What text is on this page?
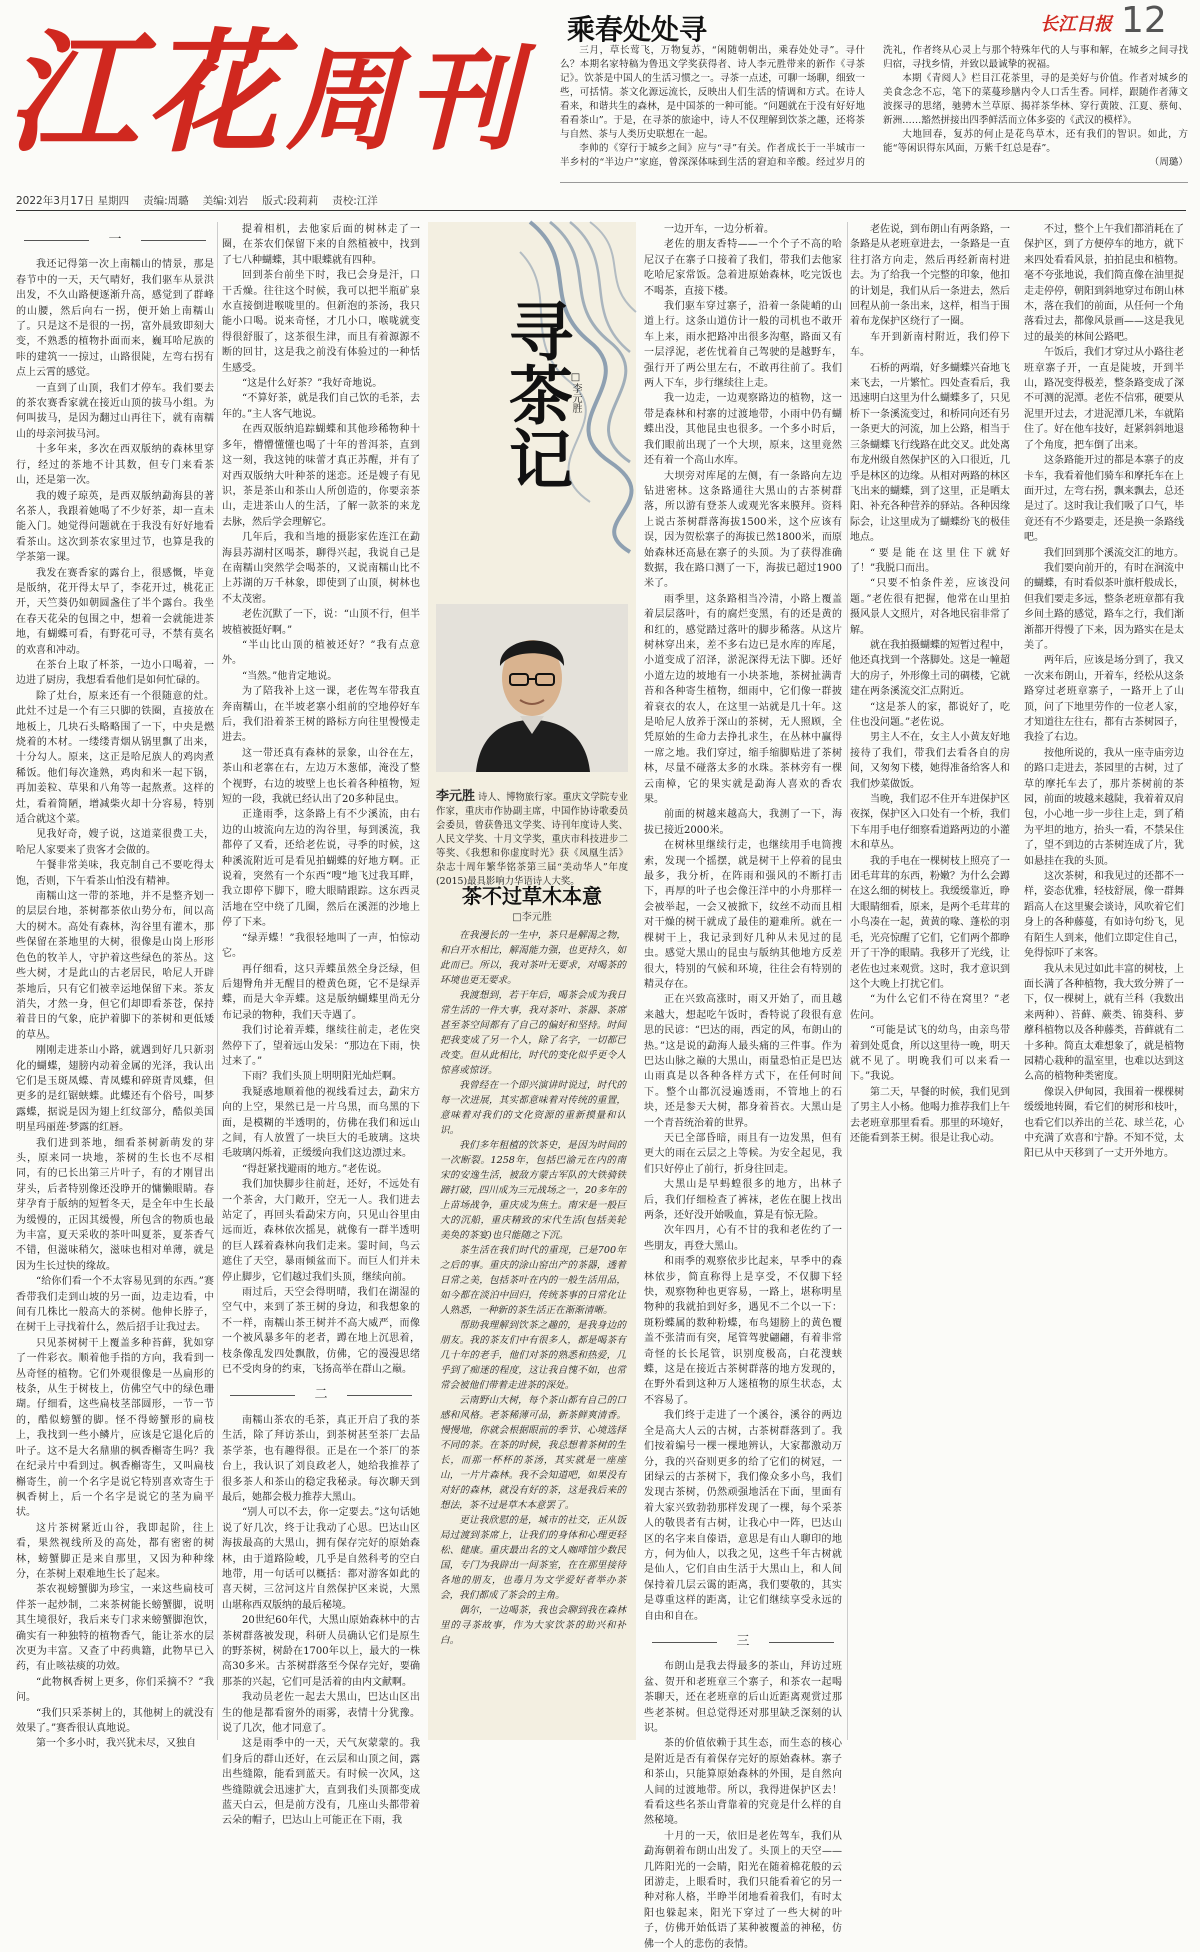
江花周刊
乘春处处寻	长江日报 12

三月，草长莺飞，万物复苏，“闲随朝朝出，乘春处处寻”。寻什么？本期名家特稿为鲁迅文学奖获得者、诗人李元胜带来的新作《寻茶记》。饮茶是中国人的生活习惯之一。寻茶一点述，可聊一场聊，细致一些，可括情。茶文化源远流长，反映出人们生活的情调和方式。在诗人看来，和谐共生的森林，是中国茶的一种可能。“问题就在于没有好好地看看茶山”。于是，在寻茶的旅途中，诗人不仅理解到饮茶之趣，还将茶与自然、茶与人类历史联想在一起。

李帅的《穿行于城乡之间》应与“寻”有关。作者成长于一半城市一半乡村的“半边户”家庭，曾深深体味到生活的窘迫和辛酸。经过岁月的洗礼，作者终从心灵上与那个特殊年代的人与事和解，在城乡之间寻找归宿，寻找乡情，并致以最诚挚的祝福。

本期《青阅人》栏目江花茶里，寻的是美好与价值。作者对城乡的美食念念不忘，笔下的菜蔓珍膳内令人口舌生香。同样，跟随作者薄文波探寻的思绪，驰骋木兰草原、揭祥茶华林、穿行黄陂、江夏、蔡甸、新洲……豁然拼接出四季鲜活而立体多姿的《武汉的模样》。

大地回春，复苏的何止是花鸟草木，还有我们的智识。如此，方能“等闲识得东风面，万紫千红总是春”。

（周璐）

2022年3月17日 星期四 责编:周璐 美编:刘岩 版式:段莉莉 责校:江洋

一

我还记得第一次上南糯山的情景，那是春节中的一天，天气晴好，我们驱车从景洪出发，不久山路便逐渐升高，感觉到了群峰的山腰，然后向右一拐，便开始上南糯山了。只是这不是很的一拐，富外晨致即刻大变，不熟悉的植物扑面而来，巍耳哈尼族的咔的建筑一一掠过，山路很陡，左弯右拐有点上云霄的感觉。

一直到了山顶，我们才停车。我们要去的茶农赛香家就在接近山顶的拔马小组。为何叫拔马，是因为翻过山再往下，就有南糯山的母亲河拔马河。

十多年来，多次在西双版纳的森林里穿行，经过的茶地不计其数，但专门来看茶山，还是第一次。

我的嫂子琼英，是西双版纳勐海县的著名茶人，我跟着她喝了不少好茶，却一直未能入门。她觉得问题就在于我没有好好地看看茶山。这次到茶农家里过节，也算是我的学茶第一课。

我发在赛香家的露台上，很感慨，毕竟是版纳，花开得太早了，李花开过，桃花正开，天竺葵仍如朝圆盏住了半个露台。我坐在春天花朵的包围之中，想着一会就能进茶地，有蝴蝶可看，有野花可寻，不禁有莫名的欢喜和冲动。

在茶台上取了杯茶，一边小口喝着，一边进了厨房，我想看看他们是如何忙碌的。

除了灶台，原来还有一个很随意的灶。此灶不过是一个有三只脚的铁圈，直接放在地板上，几块石头略略围了一下，中央是燃烧着的木材。一缕缕青烟从锅里飘了出来，十分勾人。原来，这正是哈尼族人的鸡肉煮稀饭。他们每次逢熟，鸡肉和米一起下锅，再加姜粒、草果和八角等一起熬煮。这样的灶，看着简陋，增减柴火却十分容易，特别适合就这个菜。

见我好奇，嫂子说，这道菜很费工夫，哈尼人家要来了贵客才会做的。

午餐非常美味，我克制自己不要吃得太饱，否则，下午看茶山怕没有精神。

南糯山这一带的茶地，并不是整齐划一的层层台地，茶树都茶依山势分布，间以高大的树木。高处有森林，沟谷里有灌木，那些保留在茶地里的大树，很像是山岗上形形色色的牧羊人，守护着这些绿色的茶丛。这些大树，才是此山的古老居民，哈尼人开辟茶地后，只有它们被幸运地保留下来。茶友消失，才然一身，但它们却即看茶苍，保持着昔日的气象，庇护着脚下的茶树和更低矮的草丛。

刚刚走进茶山小路，就遇到好几只新羽化的蝴蝶，翅膀内动着金属的光泽，我认出它们是玉斑凤蝶、青凤蝶和碎斑青凤蝶，但更多的是红锯蛱蝶。此蝶还有个俗号，叫梦露蝶，据说是因为翅上红纹部分，酷似美国明星玛丽莲·梦露的红唇。

我们进到茶地，细看茶树新萌发的芽头，原来同一块地，茶树的生长也不尽相同，有的已长出第三片叶子，有的才刚冒出芽头，后者特别像还没睁开的慵懒眼睛。春芽孕育于版纳的短暂冬天，是全年中生长最为缓慢的，正因其缓慢，所包含的物质也最为丰富，夏天采收的茶叶叫夏茶，夏茶香气不错，但滋味稍欠，滋味也相对单薄，就是因为生长过快的缘故。

“给你们看一个不太容易见到的东西。”赛香带我们走到山坡的另一面，边走边看，中间有几株比一般高大的茶树。他伸长脖子，在树干上寻找着什么，然后招手让我过去。

只见茶树树干上覆盖多种苔藓，犹如穿了一件彩衣。顺着他手指的方向，我看到一丛奇怪的植物。它们外观很像是一丛扁形的枝条，从生于树枝上，仿佛空气中的绿色珊瑚。仔细看，这些扁枝茎部圆形，一节一节的，酷似螃蟹的脚。怪不得螃蟹形的扁枝上，我找到一些小鳞片，应该是它退化后的叶子。这不是大名鼎鼎的枫香槲寄生吗？我在纪录片中看到过。枫香槲寄生，又叫扁枝槲寄生，前一个名字是说它特别喜欢寄生于枫香树上，后一个名字是说它的茎为扁平状。

这片茶树紧近山谷，我即起阶，往上看，果然视线所及的高处，都有密密的树林，螃蟹脚正是来自那里，又因为种种缘分，在茶树上艰难地生长了起来。

茶农视螃蟹脚为珍宝，一来这些扁枝可伴茶一起炒制，二来茶树能长螃蟹脚，说明其生境很好，我后来专门求来螃蟹脚泡饮，确实有一种独特的植物香气，能让茶水的层次更为丰富。又查了中药典籍，此物早已入药，有止咳祛痰的功效。

“此物枫香树上更多，你们采摘不？”我问。

“我们只采茶树上的，其他树上的就没有效果了。”赛香很认真地说。

第一个多小时，我兴犹未尽，又独自

提着相机，去他家后面的树林走了一圈，在茶农们保留下来的自然植被中，找到了七八种蝴蝶，其中眼蝶就有四种。

回到茶台前坐下时，我已会身是汗，口干舌燥。往往这个时候，我可以把半瓶矿泉水直接倒进喉咙里的。但新泡的茶汤，我只能小口喝。说来奇怪，才几小口，喉咙就变得很舒服了，这茶很生津，而且有着源源不断的回甘，这是我之前没有体验过的一种恬生感受。

“这是什么好茶？”我好奇地说。

“不算好茶，就是我们自己饮的毛茶，去年的。”主人客气地说。

在西双版纳追踪蝴蝶和其他珍稀物种十多年，懵懵懂懂也喝了十年的普洱茶，直到这一刻，我这钝的味蕾才真正苏醒，并有了对西双版纳大叶种茶的迷恋。还是嫂子有见识，茶是茶山和茶山人所创造的，你要亲茶山，走进茶山人的生活，了解一款茶的来龙去脉，然后学会理解它。

几年后，我和当地的摄影家佐连江在勐海县苏湖村区喝茶，聊得兴起，我说自己是在南糯山突然学会喝茶的，又说南糯山比不上苏湖的万千林象，即使到了山顶，树林也不太茂密。

老佐沉默了一下，说：“山顶不行，但半坡植被挺好啊。”

“半山比山顶的植被还好？”我有点意外。

“当然。”他肯定地说。

为了陪我补上这一课，老佐驾车带我直奔南糯山，在半坡老寨小组前的空地停好车后，我们沿着茶王树的路标方向往里慢慢走进去。

这一带还真有森林的景象，山谷在左，茶山和老寨在右，左边万木葱郁，淹没了整个视野，右边的坡壁上也长着各种植物，短短的一段，我就已经认出了20多种昆虫。

正逢雨季，这条路上有不少溪流，由右边的山坡流向左边的沟谷里，每到溪流，我都停了又看，还给老佐说，寻季的时候，这种溪流附近可是看见拍蝴蝶的好地方啊。正说着，突然有一个东西“嗖”地飞过我耳畔，我立即停下脚下，瞪大眼睛跟踪。这东西灵活地在空中绕了几圈，然后在溪涯的沙地上停了下来。

“绿弄蝶！”我很轻地叫了一声，怕惊动它。

再仔细看，这只弄蝶虽然全身泛绿，但后翅臀角并无醒目的橙黄色斑，它不是绿弄蝶，而是大伞弄蝶。这是版纳蝴蝶里尚无分布记录的物种，我们天寺遇了。

我们讨论着弄蝶，继续往前走，老佐突然停下了，望着远山发呆：“那边在下雨，快过来了。”

下雨？我们头顶上明明阳光灿烂啊。

我疑惑地顺着他的视线看过去，勐宋方向的上空，果然已是一片乌黑，而乌黑的下面，是模糊的半透明的，仿佛在我们和远山之间，有人放置了一块巨大的毛玻璃。这块毛玻璃闪烁着，正缓缓向我们这边漂过来。

“得赶紧找避雨的地方。”老佐说。

我们加快脚步往前赶，还好，不远处有一个茶舍，大门敞开，空无一人。我们进去站定了，再回头看勐宋方向，只见山谷里由远而近，森林依次摇晃，就像有一群半透明的巨人踩着森林向我们走来。霎时间，鸟云遮住了天空，暴雨倾盆而下。而巨人们并未停止脚步，它们越过我们头顶，继续向前。

雨过后，天空会得明晴，我们在湖湿的空气中，来到了茶王树的身边，和我想象的不一样，南糯山茶王树并不高大威严，而像一个被风暴多年的老者，蹲在地上沉思着，枝条像乱发四处飘散，仿佛，它的漫漫思绪已不受肉身的约束，飞扬高举在群山之巅。

二

南糯山茶农的毛茶，真正开启了我的茶生活，除了拜访茶山，到茶树甚至茶厂去品茶学茶，也有趣得很。正是在一个茶厂的茶台上，我认识了刘良政老人，她给我推荐了很多茶人和茶山的稳定我秘录。每次聊天到最后，她都会极力推荐大黑山。

“别人可以不去，你一定要去。”这句话她说了好几次，终于让我动了心思。巴达山区海拔最高的大黑山，拥有保存完好的原始森林，由于道路险峻，几乎是自然科考的空白地带，用一句话可以概括：都对游客如此的喜天树，三岔河这片自然保护区来说，大黑山堪称西双版纳的最后秘境。

20世纪60年代，大黑山原始森林中的古茶树群落被发现，科研人员确认它们是原生的野茶树，树龄在1700年以上，最大的一株高30多米。古茶树群落至今保存完好，要确那茶的兴起，它们可是活着的由内文献啊。

我动员老佐一起去大黑山，巴达山区出生的他是都看窗外的雨雾，表情十分犹豫。说了几次，他才同意了。

这是雨季中的一天，天气灰蒙蒙的。我们身后的群山还好，在云层和山顶之间，露出些缝隙，能看到蓝天。有时候一次风，这些缝隙就会迅速扩大，直到我们头顶都变成蓝天白云，但是前方没有，几座山头都带着云朵的帽子，巴达山上可能正在下雨，我

寻茶记
□李元胜
李元胜 诗人、博物旅行家。重庆文学院专业作家，重庆市作协副主席，中国作协诗歌委员会委员，曾获鲁迅文学奖、诗刊年度诗人奖、人民文学奖、十月文学奖，重庆市科技进步二等奖、《我想和你虚度时光》获《凤凰生活》杂志十周年繁华铭茶第三届“美动华人”年度(2015)最具影响力华语诗人大奖。
茶不过草木本意
□李元胜

在我漫长的一生中，茶只是解渴之物，和白开水相比，解渴能力强，也更持久，如此而已。所以，我对茶叶无要求，对喝茶的环境也更无要求。

我渡想到，若干年后，喝茶会成为我日常生活的一件大事，我对茶叶、茶器、茶席甚至茶空间都有了自己的偏好和坚持。时间把我变成了另一个人，除了名字，一切都已改变。但从此相比，时代的变化似乎更令人惊喜或惊讶。

我曾经在一个即兴演讲时说过，时代的每一次进展，其实都意味着对传统的重置，意味着对我们的文化资源的重新摸量和认识。

我们多年租植的饮茶史，是因为时间的一次断裂。1258年，包括巴渝元在内的南宋的安逸生活，被敌方蒙古军队的大铁骑铁蹄打破，四川成为三元战场之一，20多年的上苗场战争，重庆成为焦土。南宋是一般巨大的沉船，重庆精致的宋代生活(包括美轮美奂的茶宴)也只能随之下沉。

茶生活在我们时代的重现，已是700年之后的事。重庆的涂山窑出产的茶器，透着日常之美，包括茶叶在内的一般生活用品，如今都在淡泊中回归，传统茶事的日常化让人熟悉，一种新的茶生活正在渐渐清晰。

帮助我理解到饮茶之趣的，是我身边的朋友。我的茶友们中有很多人，都是喝茶有几十年的老手，他们对茶的熟悉和热爱，几乎到了痴迷的程度，这让我自愧不如，也常常会被他们带着走进茶的深处。

云南野山大树，每个茶山都有自己的口感和风格。老茶稀薄可品，新茶鲜爽清香。慢慢地，你就会根据眼前的季节、心境选择不同的茶。在茶的时候，我总想着茶树的生长，而那一杯杯的茶汤，其实就是一座座山，一片片森林。我不会知道吧，如果没有对好的森林，就没有好的茶，这是我后来的想法，茶不过是草木本意罢了。

更让我欣慰的是，城市的社交，正从饭局过渡到茶席上，让我们的身体和心理更轻松、健康。重庆最出名的文人咖啡馆少数民国，专门为我辟出一间茶室，在在那里接待各地的朋友，也毒月为文学爱好者举办茶会，我们都成了茶会的主角。

偶尔，一边喝茶，我也会聊到我在森林里的寻茶故事，作为大家饮茶的助兴和补白。

一边开车，一边分析着。

老佐的朋友香特——一个个子不高的哈尼汉子在寨子口接着了我们，带我们去他家吃哈尼家常饭。急着进原始森林，吃完饭也不喝茶，直接下楼。

我们驱车穿过寨子，沿着一条陡峭的山道上行。这条山道仿计一般的司机也不敢开车上来，雨水把路冲出很多沟壑，路面又有一层浮泥，老佐忧着自己驾驶的是越野车，强行开了两公里左右，不敢再往前了。我们两人下车，步行继续往上走。

我一边走，一边观察路边的植物，这一带是森林和村寨的过渡地带，小雨中仍有蝴蝶出没，其他昆虫也很多。一个多小时后，我们眼前出现了一个大坝，原来，这里竟然还有着一个高山水库。

大坝旁对库尾的左侧，有一条路向左边钻进密林。这条路通往大黑山的古茶树群落，所以游有登茶人或观光客来膜拜。资料上说古茶树群落海拔1500米，这个应该有误，因为贺松寨子的海拔已然1800米，而原始森林还高悬在寨子的头顶。为了获得准确数据，我在路口测了一下，海拔已超过1900米了。

雨季里，这条路相当冷清，小路上覆盖着层层落叶，有的腐烂变黑，有的还是黄的和红的，感觉踏过落叶的脚步稀落。从这片树林穿出来，差不多右边已是水库的库尾，小道变成了沼泽，淤泥深得无法下脚。还好小道左边的坡地有一小块茶地，茶树扯满青苔和各种寄生植物，细雨中，它们像一群披着衰衣的农人，在这里一站就是几十年。这是哈尼人放养于深山的茶树，无人照顾，全凭原始的生命力去挣扎求生，在丛林中赢得一席之地。我们穿过，缩手缩脚贴进了茶树林，尽量不碰落太多的水珠。茶林旁有一棵云南樟，它的果实就是勐海人喜欢的香农果。

前面的树越来越高大，我测了一下，海拔已接近2000米。

在树林里继续行走，也继续用手电筒搜索，发现一个摇摆，就是树干上停着的昆虫最多，我分析，在阵雨和强风的不断打击下，再厚的叶子也会像汪洋中的小舟那样一会被举起，一会又被掀下，纹丝不动而且相对干燥的树干就成了最佳的避难所。就在一棵树干上，我记录到好几种从未见过的昆虫。感觉大黑山的昆虫与版纳其他地方反差很大，特别的气候和环境，往往会有特别的精灵存在。

正在兴致高涨时，雨又开始了，而且越来越大，想起吃午饭时，香特说了段很有意思的民谚：“巴达的雨，西定的风，布朗山的热。”这是说的勐海人最头痛的三件事。作为巴达山脉之巅的大黑山，雨量恐怕正是巴达山雨真是以各种各样方式下，在任何时间下。整个山都沉浸遍透雨，不管地上的石块，还是参天大树，都身着苔衣。大黑山是一个青苔统治着的世界。

天已全部昏暗，雨且有一边发黑，但有更大的雨在云层之上等候。为安全起见，我们只好停止了前行，折身往回走。

大黑山是早蚂蝗很多的地方，出林子后，我们仔细检查了裤袜，老佐在腿上找出两条，还好没开始吸血，算是有惊无险。

次年四月，心有不甘的我和老佐约了一些朋友，再登大黑山。

和雨季的观察依步比起来，早季中的森林依步，简直称得上是享受，不仅脚下轻快，观察物种也更容易，一路上，堪称明星物种的我就拍到好多，遇见不二个以一下：斑粉蝶属的数种粉蝶，布鸟翅膀上的黄色覆盖不张清而有突，尾管驾驶翩翩，有着非常奇怪的长长尾管，识别度极高，白花溲蛱蝶，这是在接近古茶树群落的地方发现的，在野外看到这种万人迷植物的原生状态，太不容易了。

我们终于走进了一个溪谷，溪谷的两边全是高大人云的古树，古茶树群落到了。我们按着编号一棵一棵地辨认，大家都激动万分，我的兴奋则更多的给了它们的树冠，一团绿云的古茶树下，我们像众多小鸟，我们发现古茶树，仍然顽强地活在下面，里面有着大家兴致勃勃那样发现了一棵，每个采茶人的敬畏者有古树，让我心中一阵，巴达山区的名字来自傣语，意思是有山人聊印的地方，何为仙人，以我之见，这些千年古树就是仙人，它们自由生活于大黑山上，和人间保持着几层云霭的距离，我们要敬的，其实是尊重这样的距离，让它们继续享受永远的自由和自在。

三

布朗山是我去得最多的茶山，拜访过班盆、贺开和老班章三个寨子，和茶农一起喝茶聊天，还在老班章的后山近距离观赏过那些老茶树。但总觉得还对那里缺乏深刻的认识。

茶的价值依赖于其生态，而生态的核心是附近是否有着保存完好的原始森林。寨子和茶山，只能算原始森林的外围，是自然向人间的过渡地带。所以，我得进保护区去！看看这些名茶山背靠着的究竟是什么样的自然秘境。

十月的一天，依旧是老佐驾车，我们从勐海朝着布朗山出发了。头顶上的天空——几阵阳光的一会睛，阳光在随着棉花般的云团游走，上眼看时，我们只能看着它的另一种对称人格，半睁半闭地看着我们，有时太阳也躲起来，阳光下穿过了一些大树的叶子，仿佛开始低语了某种被覆盖的神秘，仿佛一个人的悲伤的表情。

老佐说，到布朗山有两条路，一条路是从老班章进去，一条路是一直往打洛方向走，然后再经新南村进去。为了给我一个完整的印象，他扣的计划是，我们从后一条进去，然后回程从前一条出来，这样，相当于围着布龙保护区绕行了一圈。

车开到新南村附近，我们停下车。

石桥的两端，好多蝴蝶兴奋地飞来飞去，一片繁忙。四处查看后，我迅速明白这里为什么蝴蝶多了，只见桥下一条溪流变过，和桥同向还有另一条更大的河流，加上公路，相当于三条蝴蝶飞行线路在此交叉。此处离布龙州级自然保护区的入口很近，几乎是林区的边缘。从相对两路的林区飞出来的蝴蝶，到了这里，正是晒太阳、补充各种营养的驿站。各种因缘际会，让这里成为了蝴蝶纷飞的极佳地点。

“要是能在这里住下就好了！”我脱口而出。

“只要不怕条件差，应该没问题。”老佐很有把握，他常在山里拍摄风景人文照片，对各地民宿非常了解。

就在我拍摄蝴蝶的短暂过程中，他还真找到一个落脚处。这是一幢超大的房子，外形像土司的碉楼，它就建在两条溪流交汇点附近。

“这是茶人的家，都说好了，吃住也没问题。”老佐说。

男主人不在，女主人小黄友好地接待了我们，带我们去看各自的房间，又匆匆下楼，她得准备给客人和我们炒菜做饭。

当晚，我们忍不住开车进保护区夜探，保护区入口处有一个桥，我们下车用手电仔细察看道路两边的小灌木和草丛。

我的手电在一棵树枝上照亮了一团毛茸茸的东西，粉嫩？为什么会蹲在这么细的树枝上。我缓缓靠近，睁大眼睛细看，原来，是两个毛茸茸的小鸟凑在一起，黄黄的喙、蓬松的羽毛，光亮惊醒了它们，它们两个都睁开了干净的眼睛。我移开了光线，让老佐也过来观赏。这时，我才意识到这个大晚上打扰它们。

“为什么它们不待在窝里？”老佐问。

“可能是试飞的幼鸟，由亲鸟带着到处觅食，所以这里待一晚，明天就不见了。明晚我们可以来看一下。”我说。

第二天，早餐的时候，我们见到了男主人小杨。他喝力推荐我们上午去老班章那里看看。那里的环境好，还能看到茶王树。很是让我心动。

不过，整个上午我们都消耗在了保护区，到了方便停车的地方，就下来四处看看风景，拍拍昆虫和植物。毫不夸张地说，我们简直像在油里捉走走停停，朝阳到斜地穿过布朗山林木，落在我们的前面，从任何一个角落看过去，都像风景画——这是我见过的最美的林间公路吧。

午饭后，我们才穿过从小路往老班章寨子开，一直是陡坡，开到半山，路况变得极差，整条路变成了深不可测的泥潭。老佐不信邪，硬要从泥里开过去，才进泥潭几米，车就陷住了。好在他车技好，赶紧斜斜地退了个角度，把车倒了出来。

这条路能开过的都是本寨子的皮卡车，我看着他们骑车和摩托车在上面开过，左弯右拐，飘来飘去，总还是过了。这时我让我们吸了口气，毕竟还有不少路要走，还是换一条路线吧。

我们回到那个溪流交汇的地方。

我们要向前开的，有时在涧流中的蝴蝶，有时看似茶叶旗杆般成长，但我们要走多远，整条老班章都有我乡间土路的感觉，路车之行，我们渐渐都开得慢了下来，因为路实在是太美了。

两年后，应该是场分到了，我又一次来布朗山，开着车，经松从这条路穿过老班章寨子，一路开上了山顶，问了下地里劳作的一位老人家，才知道往左往右，都有古茶树园子，我捡了右边。

按他所说的，我从一座寺庙旁边的路口走进去，茶园里的古树，过了草的摩托车去了，那片茶树前的茶园，前面的坡越来越陡，我着着双肩包，小心地一步一步往上走，到了稍为平坦的地方，抬头一看，不禁呆住了，望不到边的古茶树连成了片，犹如悬挂在我的头顶。

这次茶树，和我见过的还都不一样，姿态优雅，轻枝舒展，像一群舞蹈高人在这里聚会谈诗，风吹着它们身上的各种藤蔓，有如诗句纷飞，见有陌生人到来，他们立即定住自己，免得惊吓了来客。

我从未见过如此丰富的树枝，上面长满了各种植物，我大致分辨了一下，仅一棵树上，就有兰科（我数出来两种）、苔藓、蕨类、锦葵科、萝藦科植物以及各种藤类，苔藓就有二十多种。简直太难想象了，就是植物园精心栽种的温室里，也难以达到这么高的植物种类密度。

像误入伊甸园，我围着一棵棵树缓缓地转圈，看它们的树形和枝叶，也看它们以养出的兰花、球兰花，心中充满了欢喜和宁静。不知不觉，太阳已从中天移到了一丈开外地方。
